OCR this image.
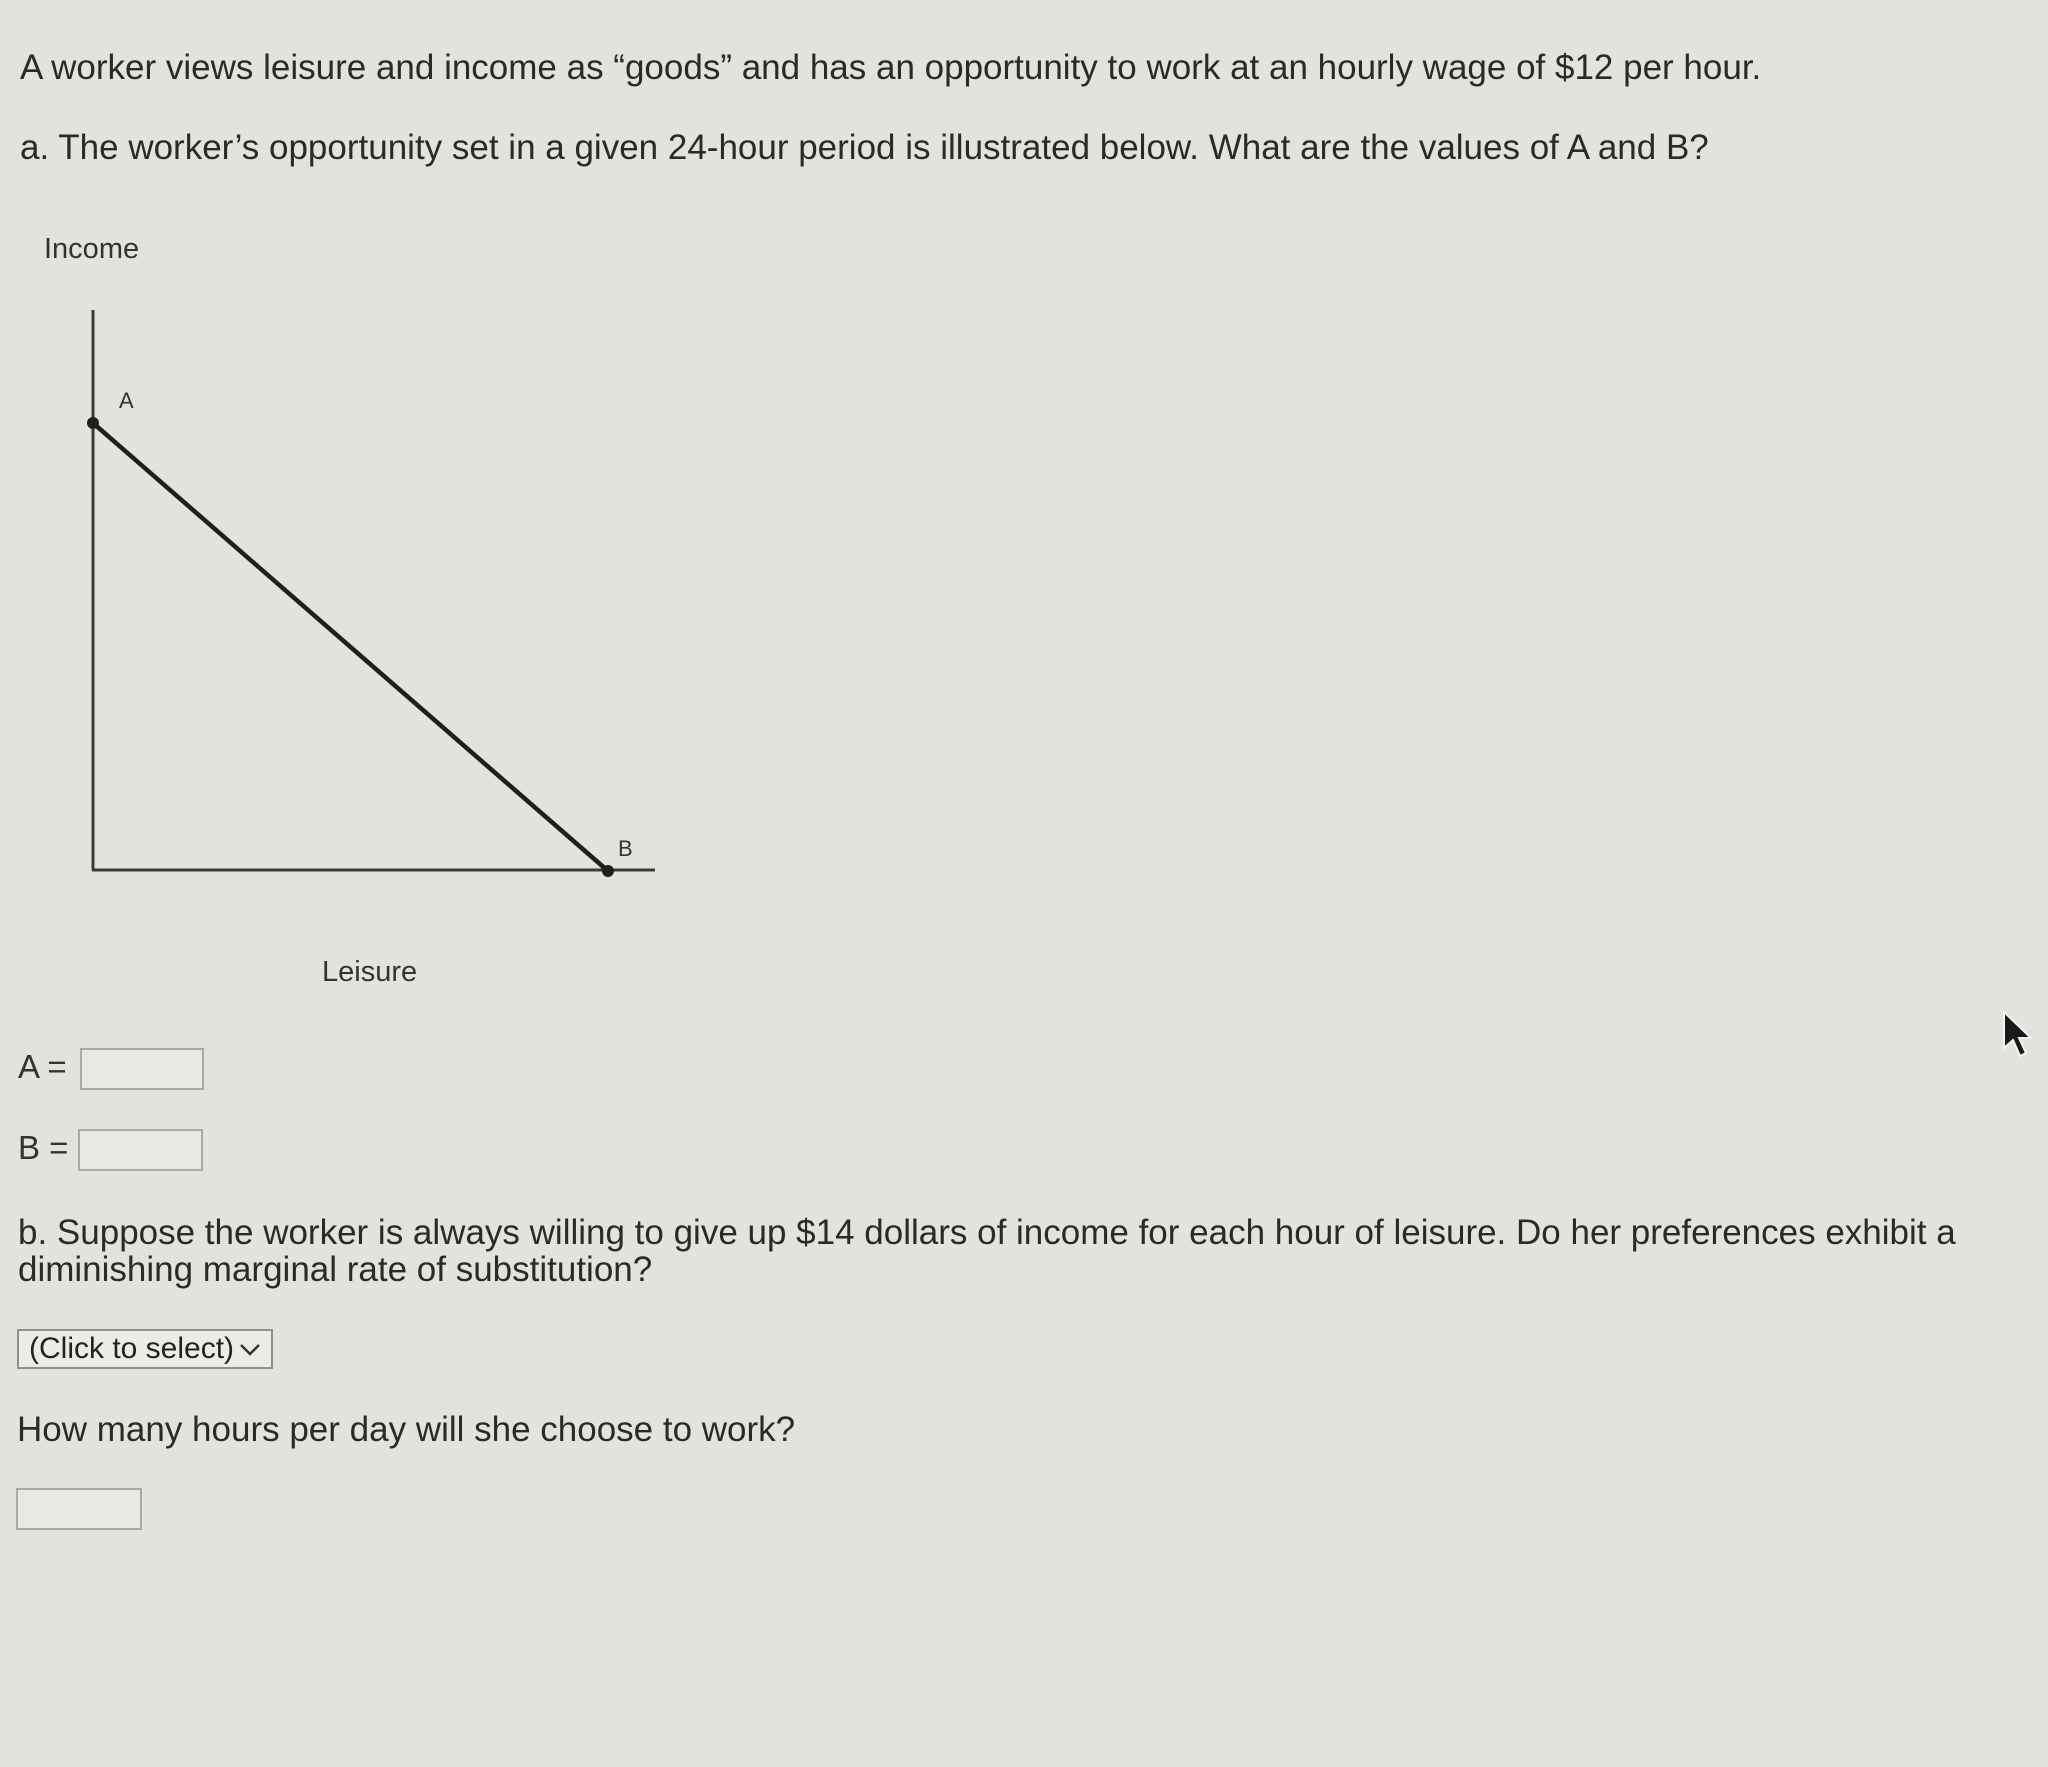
A worker views leisure and income as “goods” and has an opportunity to work at an hourly wage of $12 per hour.
a. The worker’s opportunity set in a given 24-hour period is illustrated below. What are the values of A and B?
Income
Leisure
A
B
A =
B =
b. Suppose the worker is always willing to give up $14 dollars of income for each hour of leisure. Do her preferences exhibit a
diminishing marginal rate of substitution?
(Click to select)
How many hours per day will she choose to work?
